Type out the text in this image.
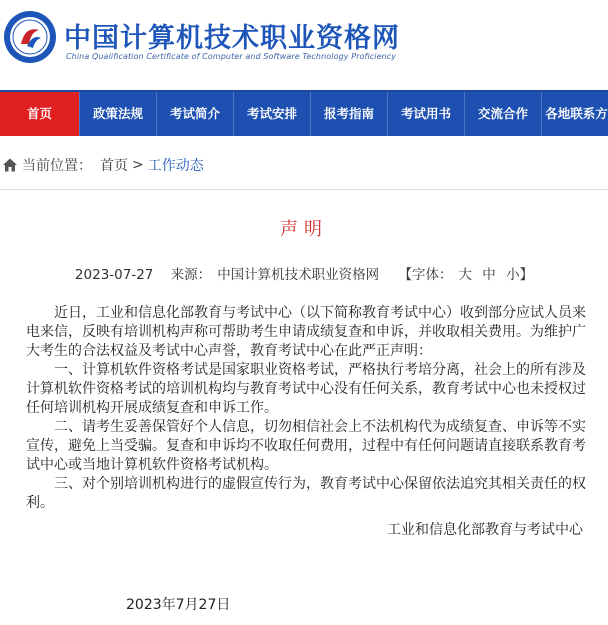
中国计算机技术职业资格网
China Qualification Certificate of Computer and Software Technology Proficiency
首页	政策法规	考试简介	考试安排	报考指南	考试用书	交流合作	各地联系方
当前位置： 首页 > 工作动态
声明
2023-07-27 来源： 中国计算机技术职业资格网 【字体： 大 中 小】

　　近日，工业和信息化部教育与考试中心（以下简称教育考试中心）收到部分应试人员来电来信，反映有培训机构声称可帮助考生申请成绩复查和申诉，并收取相关费用。为维护广大考生的合法权益及考试中心声誉，教育考试中心在此严正声明：

　　一、计算机软件资格考试是国家职业资格考试，严格执行考培分离，社会上的所有涉及计算机软件资格考试的培训机构均与教育考试中心没有任何关系，教育考试中心也未授权过任何培训机构开展成绩复查和申诉工作。

　　二、请考生妥善保管好个人信息，切勿相信社会上不法机构代为成绩复查、申诉等不实宣传，避免上当受骗。复查和申诉均不收取任何费用，过程中有任何问题请直接联系教育考试中心或当地计算机软件资格考试机构。

　　三、对个别培训机构进行的虚假宣传行为，教育考试中心保留依法追究其相关责任的权利。

工业和信息化部教育与考试中心
2023年7月27日
